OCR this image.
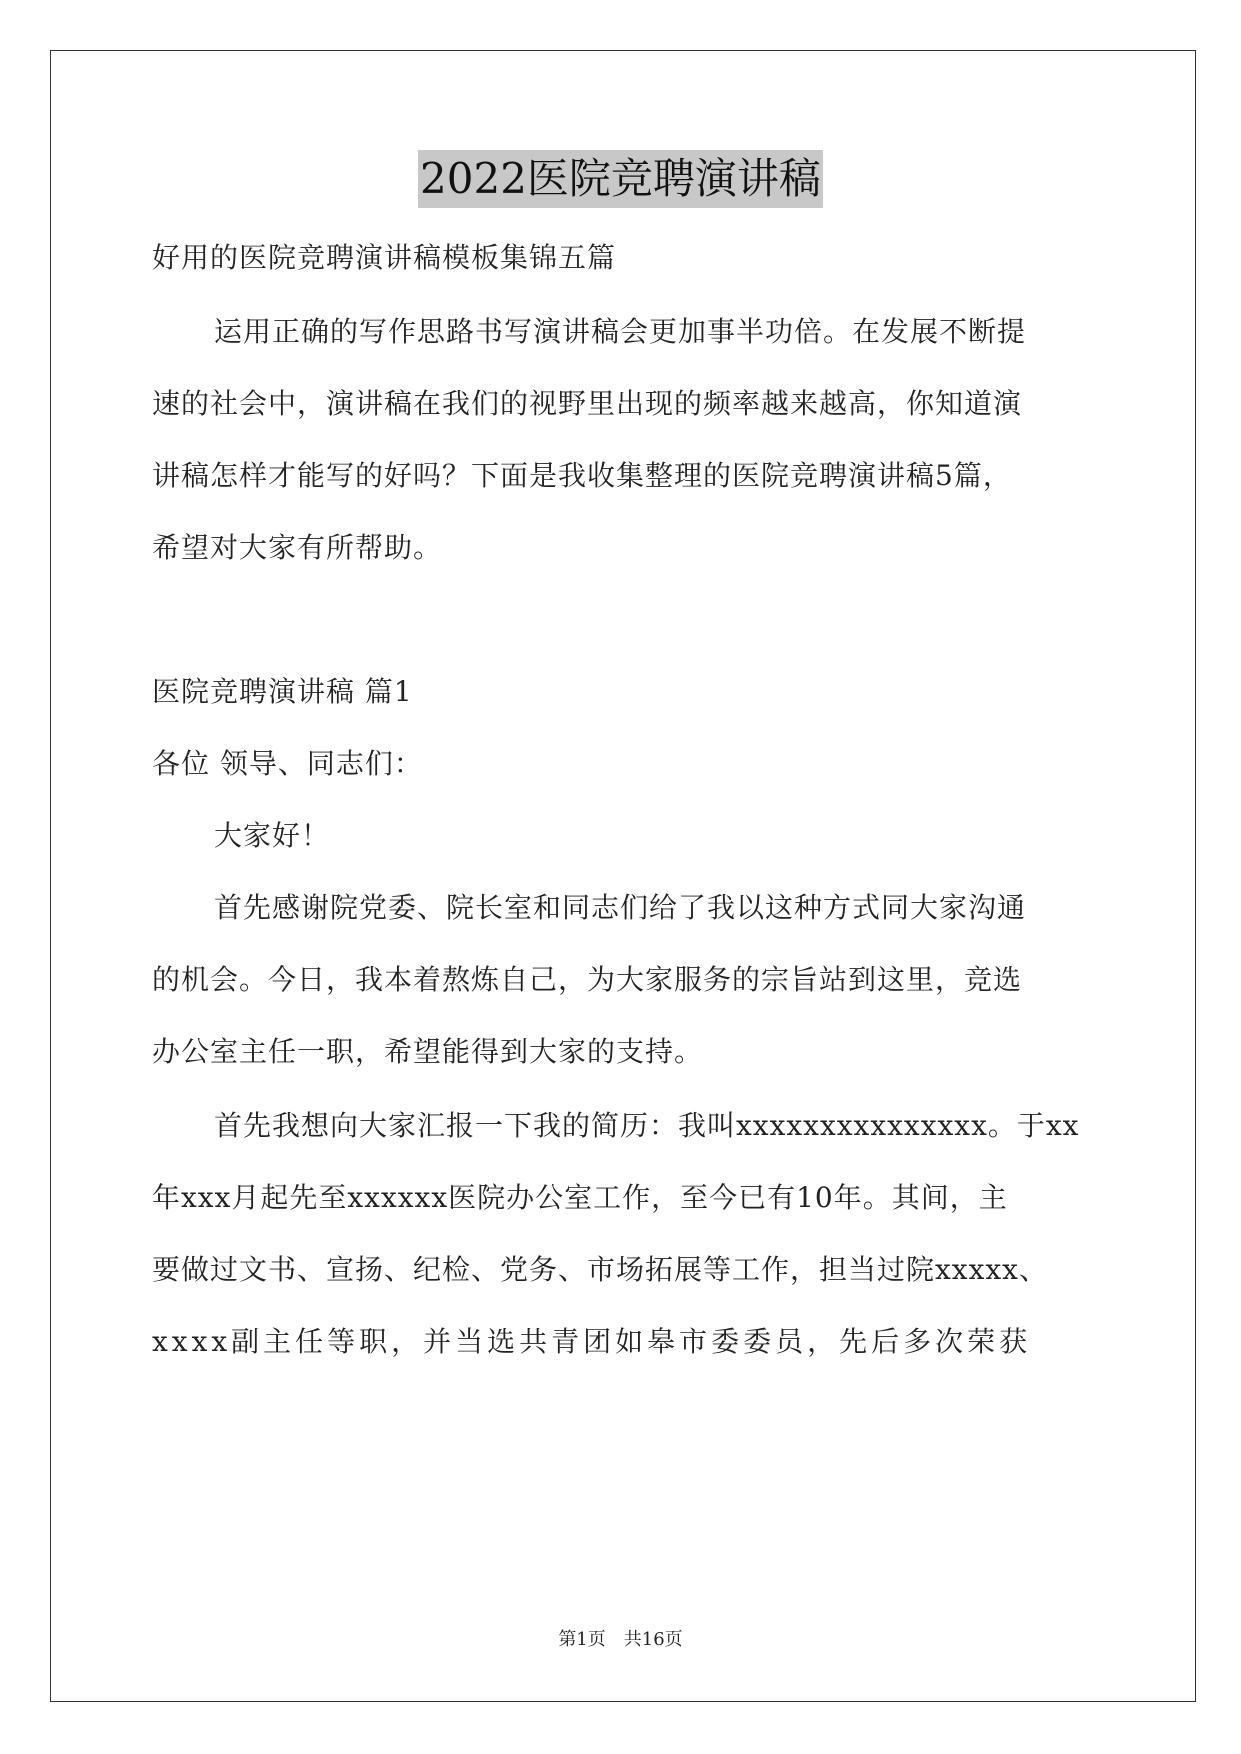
2022医院竞聘演讲稿
好用的医院竞聘演讲稿模板集锦五篇
运用正确的写作思路书写演讲稿会更加事半功倍。在发展不断提
速的社会中，演讲稿在我们的视野里出现的频率越来越高，你知道演
讲稿怎样才能写的好吗？下面是我收集整理的医院竞聘演讲稿5篇，
希望对大家有所帮助。
医院竞聘演讲稿 篇1
各位 领导、同志们：
大家好！
首先感谢院党委、院长室和同志们给了我以这种方式同大家沟通
的机会。今日，我本着熬炼自己，为大家服务的宗旨站到这里，竞选
办公室主任一职，希望能得到大家的支持。
首先我想向大家汇报一下我的简历：我叫xxxxxxxxxxxxxxx。于xx
年xxx月起先至xxxxxx医院办公室工作，至今已有10年。其间，主
要做过文书、宣扬、纪检、党务、市场拓展等工作，担当过院xxxxx、
xxxx副主任等职，并当选共青团如皋市委委员，先后多次荣获
第1页　共16页
